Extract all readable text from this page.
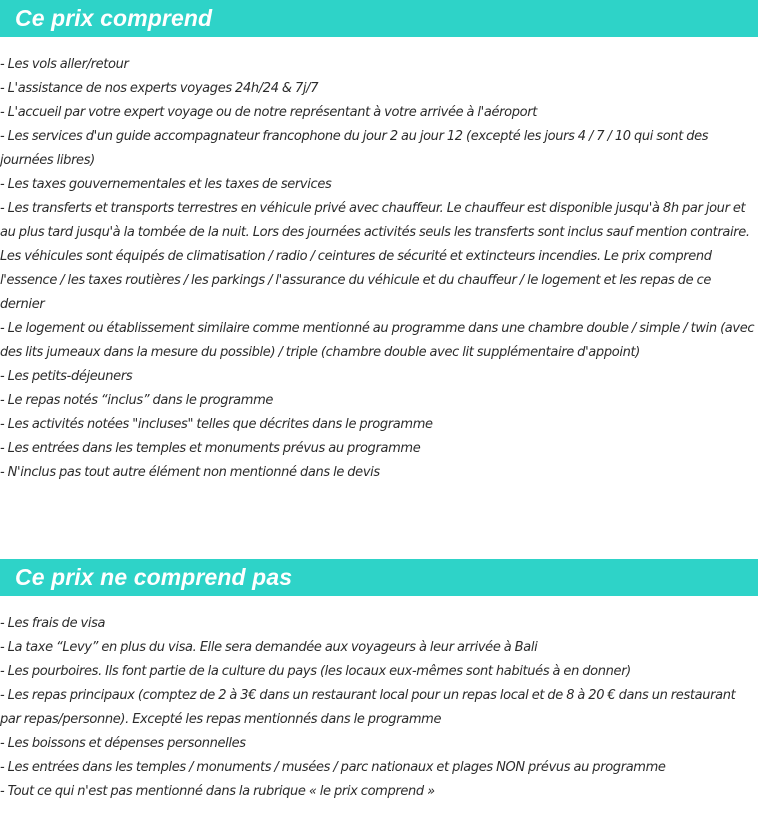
Ce prix comprend
- Les vols aller/retour
- L'assistance de nos experts voyages 24h/24 & 7j/7
- L'accueil par votre expert voyage ou de notre représentant à votre arrivée à l'aéroport
- Les services d'un guide accompagnateur francophone du jour 2 au jour 12 (excepté les jours 4 / 7 / 10 qui sont des journées libres)
- Les taxes gouvernementales et les taxes de services
- Les transferts et transports terrestres en véhicule privé avec chauffeur. Le chauffeur est disponible jusqu'à 8h par jour et au plus tard jusqu'à la tombée de la nuit. Lors des journées activités seuls les transferts sont inclus sauf mention contraire. Les véhicules sont équipés de climatisation / radio / ceintures de sécurité et extincteurs incendies. Le prix comprend l'essence / les taxes routières / les parkings / l'assurance du véhicule et du chauffeur / le logement et les repas de ce dernier
- Le logement ou établissement similaire comme mentionné au programme dans une chambre double / simple / twin (avec des lits jumeaux dans la mesure du possible) / triple (chambre double avec lit supplémentaire d'appoint)
- Les petits-déjeuners
- Le repas notés “inclus” dans le programme
- Les activités notées "incluses" telles que décrites dans le programme
- Les entrées dans les temples et monuments prévus au programme
- N'inclus pas tout autre élément non mentionné dans le devis
Ce prix ne comprend pas
- Les frais de visa
- La taxe “Levy” en plus du visa. Elle sera demandée aux voyageurs à leur arrivée à Bali
- Les pourboires. Ils font partie de la culture du pays (les locaux eux-mêmes sont habitués à en donner)
- Les repas principaux (comptez de 2 à 3€ dans un restaurant local pour un repas local et de 8 à 20 € dans un restaurant par repas/personne). Excepté les repas mentionnés dans le programme
- Les boissons et dépenses personnelles
- Les entrées dans les temples / monuments / musées / parc nationaux et plages NON prévus au programme
- Tout ce qui n'est pas mentionné dans la rubrique « le prix comprend »
